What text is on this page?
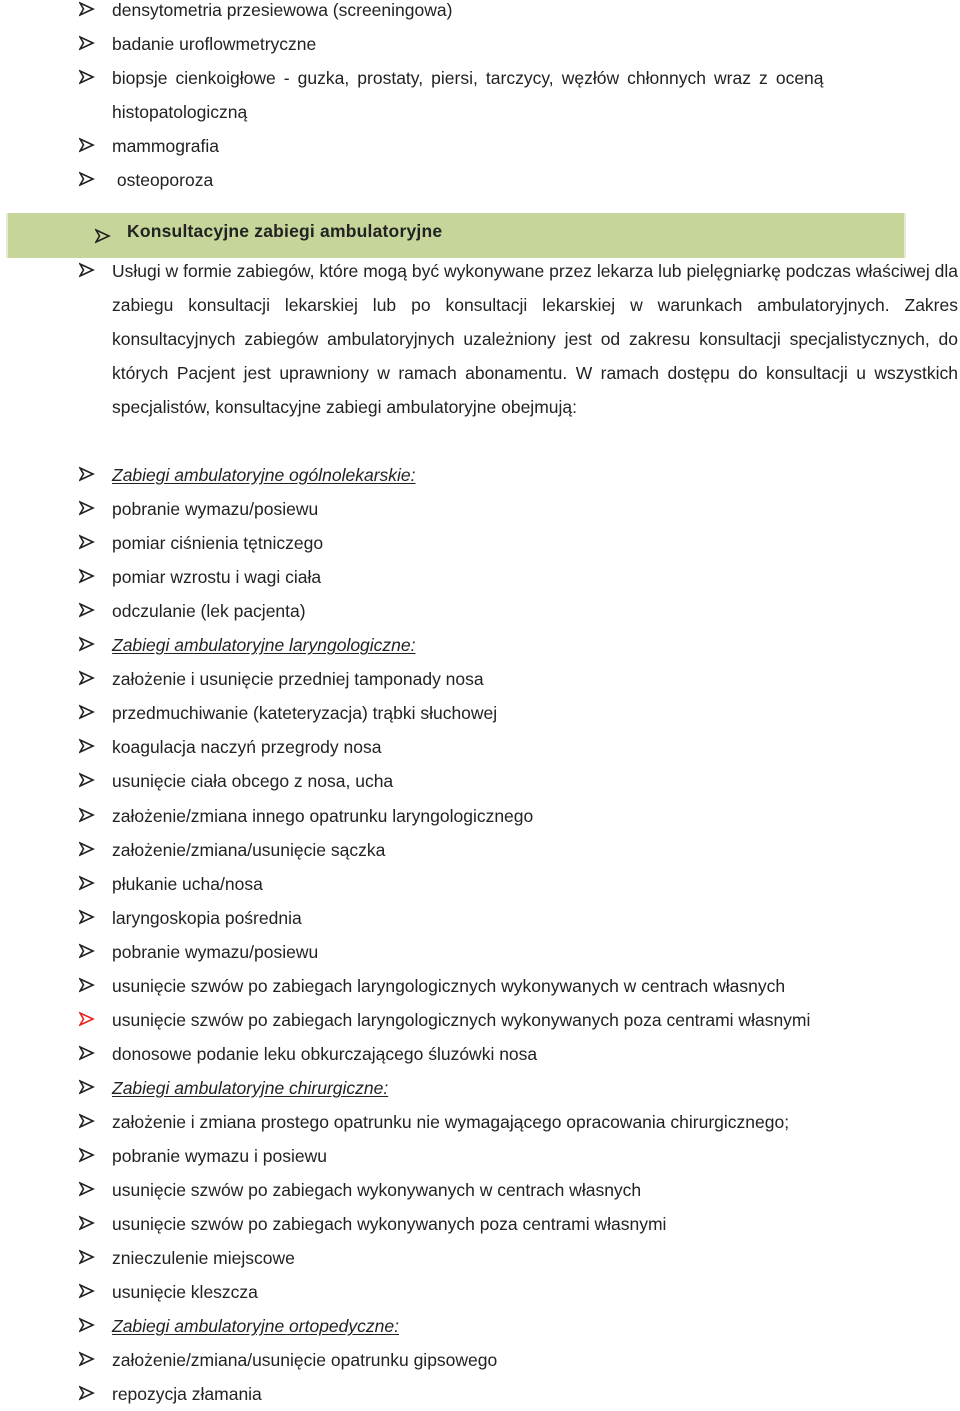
densytometria przesiewowa (screeningowa)
badanie uroflowmetryczne
biopsje cienkoigłowe - guzka, prostaty, piersi, tarczycy, węzłów chłonnych wraz z oceną
histopatologiczną
mammografia
osteoporoza
Konsultacyjne zabiegi ambulatoryjne
Usługi w formie zabiegów, które mogą być wykonywane przez lekarza lub pielęgniarkę podczas właściwej dla zabiegu konsultacji lekarskiej lub po konsultacji lekarskiej w warunkach ambulatoryjnych. Zakres konsultacyjnych zabiegów ambulatoryjnych uzależniony jest od zakresu konsultacji specjalistycznych, do których Pacjent jest uprawniony w ramach abonamentu. W ramach dostępu do konsultacji u wszystkich specjalistów, konsultacyjne zabiegi ambulatoryjne obejmują:
Zabiegi ambulatoryjne ogólnolekarskie:
pobranie wymazu/posiewu
pomiar ciśnienia tętniczego
pomiar wzrostu i wagi ciała
odczulanie (lek pacjenta)
Zabiegi ambulatoryjne laryngologiczne:
założenie i usunięcie przedniej tamponady nosa
przedmuchiwanie (kateteryzacja) trąbki słuchowej
koagulacja naczyń przegrody nosa
usunięcie ciała obcego z nosa, ucha
założenie/zmiana innego opatrunku laryngologicznego
założenie/zmiana/usunięcie sączka
płukanie ucha/nosa
laryngoskopia pośrednia
pobranie wymazu/posiewu
usunięcie szwów po zabiegach laryngologicznych wykonywanych w centrach własnych
usunięcie szwów po zabiegach laryngologicznych wykonywanych poza centrami własnymi
donosowe podanie leku obkurczającego śluzówki nosa
Zabiegi ambulatoryjne chirurgiczne:
założenie i zmiana prostego opatrunku nie wymagającego opracowania chirurgicznego;
pobranie wymazu i posiewu
usunięcie szwów po zabiegach wykonywanych w centrach własnych
usunięcie szwów po zabiegach wykonywanych poza centrami własnymi
znieczulenie miejscowe
usunięcie kleszcza
Zabiegi ambulatoryjne ortopedyczne:
założenie/zmiana/usunięcie opatrunku gipsowego
repozycja złamania
